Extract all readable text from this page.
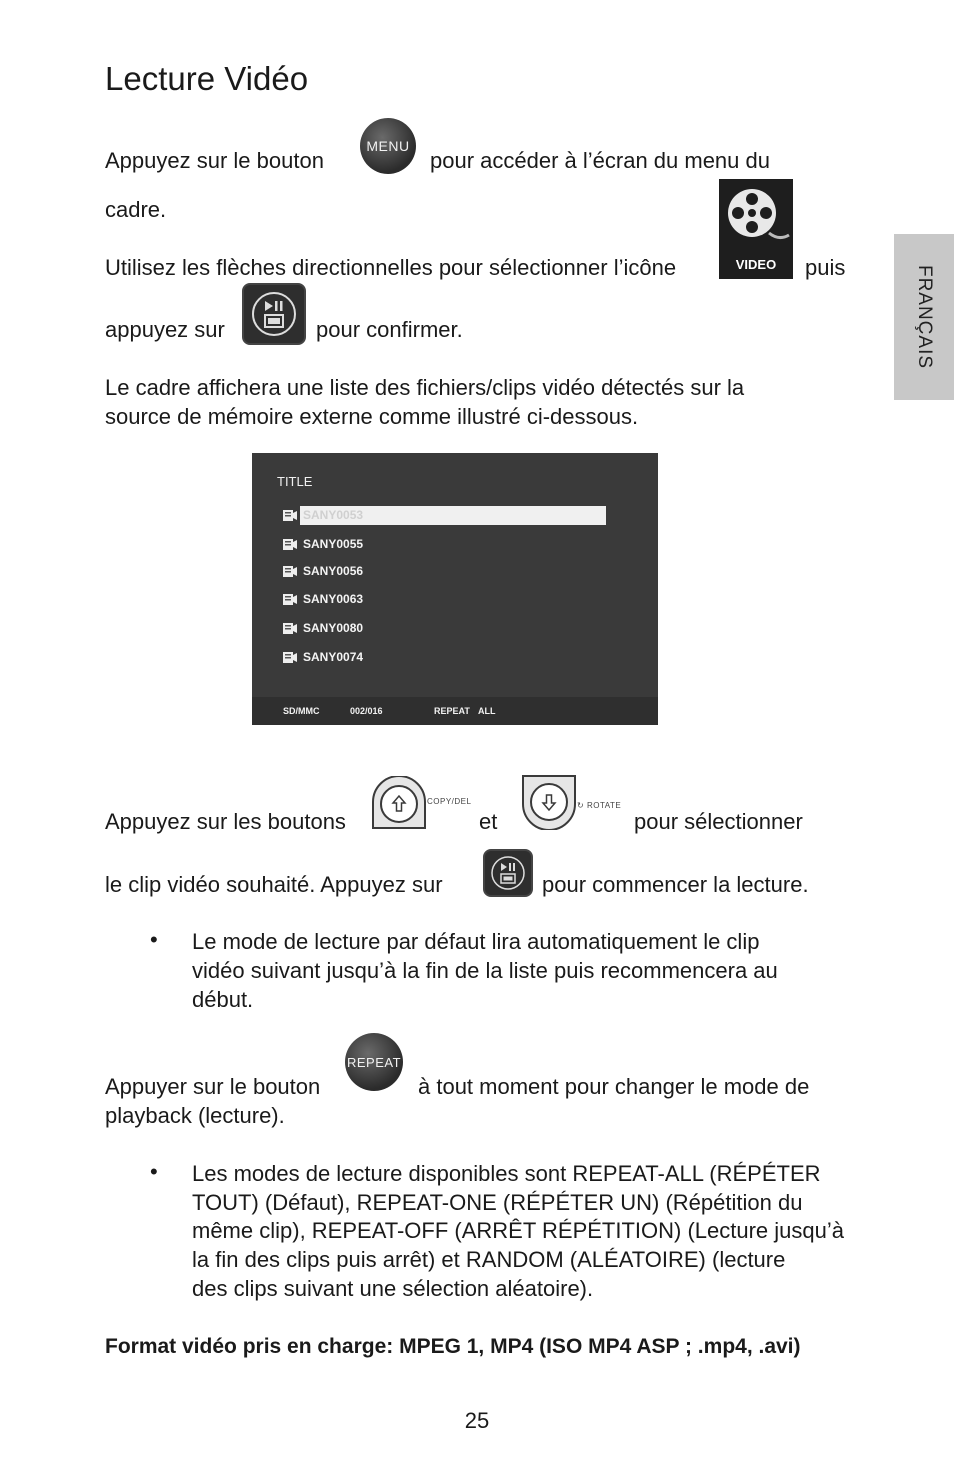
Lecture Vidéo
FRANÇAIS
Appuyez sur le bouton
MENU
pour accéder à l’écran du menu du
cadre.
Utilisez les flèches directionnelles pour sélectionner l’icône	VIDEO	puis
appuyez sur	pour confirmer.
Le cadre affichera une liste des fichiers/clips vidéo détectés sur la
source de mémoire externe comme illustré ci-dessous.
TITLE
SANY0053
SANY0055
SANY0056
SANY0063
SANY0080
SANY0074
SD/MMC	002/016	REPEAT ALL
Appuyez sur les boutons
COPY/DEL
et
↻ ROTATE
pour sélectionner
le clip vidéo souhaité. Appuyez sur	pour commencer la lecture.
• Le mode de lecture par défaut lira automatiquement le clip
vidéo suivant jusqu’à la fin de la liste puis recommencera au
début.
Appuyer sur le bouton
REPEAT
à tout moment pour changer le mode de
playback (lecture).
• Les modes de lecture disponibles sont REPEAT-ALL (RÉPÉTER
TOUT) (Défaut), REPEAT-ONE (RÉPÉTER UN) (Répétition du
même clip), REPEAT-OFF (ARRÊT RÉPÉTITION) (Lecture jusqu’à
la fin des clips puis arrêt) et RANDOM (ALÉATOIRE) (lecture
des clips suivant une sélection aléatoire).
Format vidéo pris en charge: MPEG 1, MP4 (ISO MP4 ASP ; .mp4, .avi)
25
